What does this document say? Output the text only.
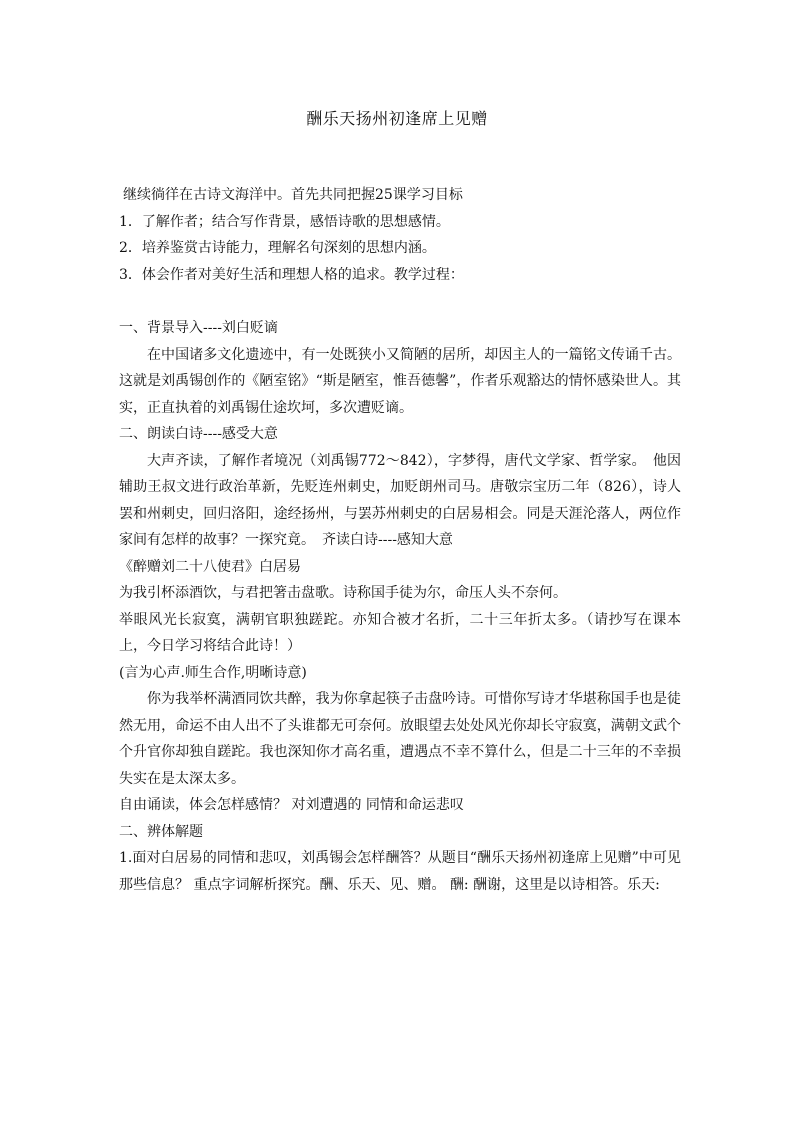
酬乐天扬州初逢席上见赠

继续徜徉在古诗文海洋中。首先共同把握25课学习目标

1．了解作者；结合写作背景，感悟诗歌的思想感情。

2．培养鉴赏古诗能力，理解名句深刻的思想内涵。

3．体会作者对美好生活和理想人格的追求。教学过程：

一、背景导入----刘白贬谪

在中国诸多文化遗迹中，有一处既狭小又简陋的居所，却因主人的一篇铭文传诵千古。这就是刘禹锡创作的《陋室铭》“斯是陋室，惟吾德馨”，作者乐观豁达的情怀感染世人。其实，正直执着的刘禹锡仕途坎坷，多次遭贬谪。

二、朗读白诗----感受大意

大声齐读，了解作者境况（刘禹锡772～842），字梦得，唐代文学家、哲学家。　他因辅助王叔文进行政治革新，先贬连州刺史，加贬朗州司马。唐敬宗宝历二年（826），诗人罢和州刺史，回归洛阳，途经扬州，与罢苏州刺史的白居易相会。同是天涯沦落人，两位作家间有怎样的故事？一探究竟。　齐读白诗----感知大意

《醉赠刘二十八使君》白居易

为我引杯添酒饮，与君把箸击盘歌。诗称国手徒为尔，命压人头不奈何。

举眼风光长寂寞，满朝官职独蹉跎。亦知合被才名折，二十三年折太多。（请抄写在课本上，今日学习将结合此诗！）

(言为心声.师生合作,明晰诗意)

你为我举杯满酒同饮共醉，我为你拿起筷子击盘吟诗。可惜你写诗才华堪称国手也是徒然无用，命运不由人出不了头谁都无可奈何。放眼望去处处风光你却长守寂寞，满朝文武个个升官你却独自蹉跎。我也深知你才高名重，遭遇点不幸不算什么，但是二十三年的不幸损失实在是太深太多。

自由诵读，体会怎样感情？ 对刘遭遇的 同情和命运悲叹

二、辨体解题

1.面对白居易的同情和悲叹，刘禹锡会怎样酬答？从题目“酬乐天扬州初逢席上见赠”中可见那些信息？ 重点字词解析探究。酬、乐天、见、赠。 酬: 酬谢，这里是以诗相答。乐天:
